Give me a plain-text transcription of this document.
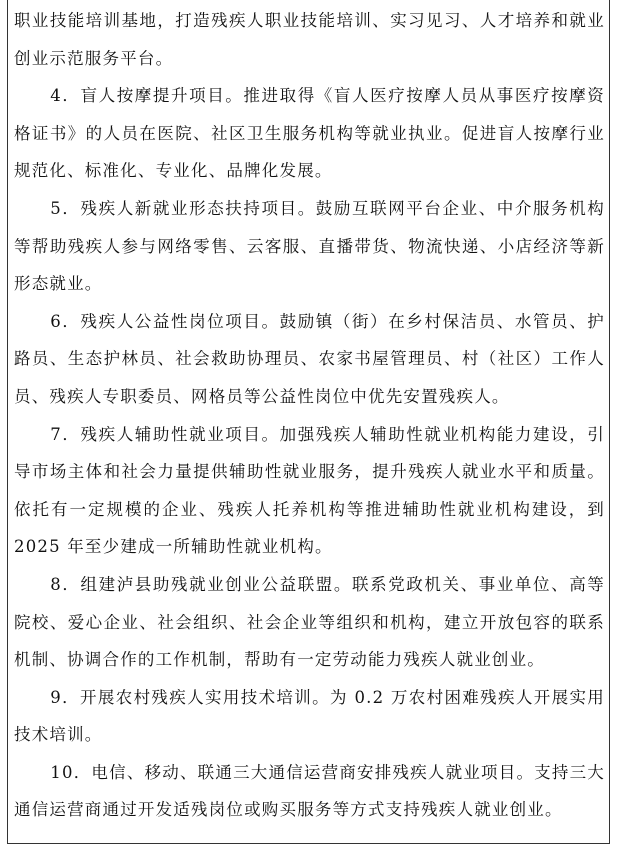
职业技能培训基地，打造残疾人职业技能培训、实习见习、人才培养和就业创业示范服务平台。

4．盲人按摩提升项目。推进取得《盲人医疗按摩人员从事医疗按摩资格证书》的人员在医院、社区卫生服务机构等就业执业。促进盲人按摩行业规范化、标准化、专业化、品牌化发展。

5．残疾人新就业形态扶持项目。鼓励互联网平台企业、中介服务机构等帮助残疾人参与网络零售、云客服、直播带货、物流快递、小店经济等新形态就业。

6．残疾人公益性岗位项目。鼓励镇（街）在乡村保洁员、水管员、护路员、生态护林员、社会救助协理员、农家书屋管理员、村（社区）工作人员、残疾人专职委员、网格员等公益性岗位中优先安置残疾人。

7．残疾人辅助性就业项目。加强残疾人辅助性就业机构能力建设，引导市场主体和社会力量提供辅助性就业服务，提升残疾人就业水平和质量。依托有一定规模的企业、残疾人托养机构等推进辅助性就业机构建设，到 2025 年至少建成一所辅助性就业机构。

8．组建泸县助残就业创业公益联盟。联系党政机关、事业单位、高等院校、爱心企业、社会组织、社会企业等组织和机构，建立开放包容的联系机制、协调合作的工作机制，帮助有一定劳动能力残疾人就业创业。

9．开展农村残疾人实用技术培训。为 0.2 万农村困难残疾人开展实用技术培训。

10．电信、移动、联通三大通信运营商安排残疾人就业项目。支持三大通信运营商通过开发适残岗位或购买服务等方式支持残疾人就业创业。
